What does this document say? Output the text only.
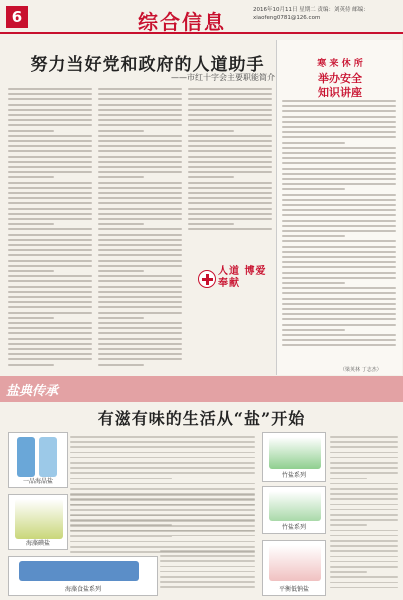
6	综合信息	2016年10月11日 星期二 责编：刘英侍 邮编：xiaofeng0781@126.com
努力当好党和政府的人道助手
——市红十字会主要职能简介
寒 来 休 所
举办安全
知识讲座
人道 博爱 奉献
（梁英林 丁志杰）
盐典传承
有滋有味的生活从“盐”开始
一品海晶盐
海藻碘盐
海藻食盐系列
竹盐系列
竹盐系列
平衡低钠盐
